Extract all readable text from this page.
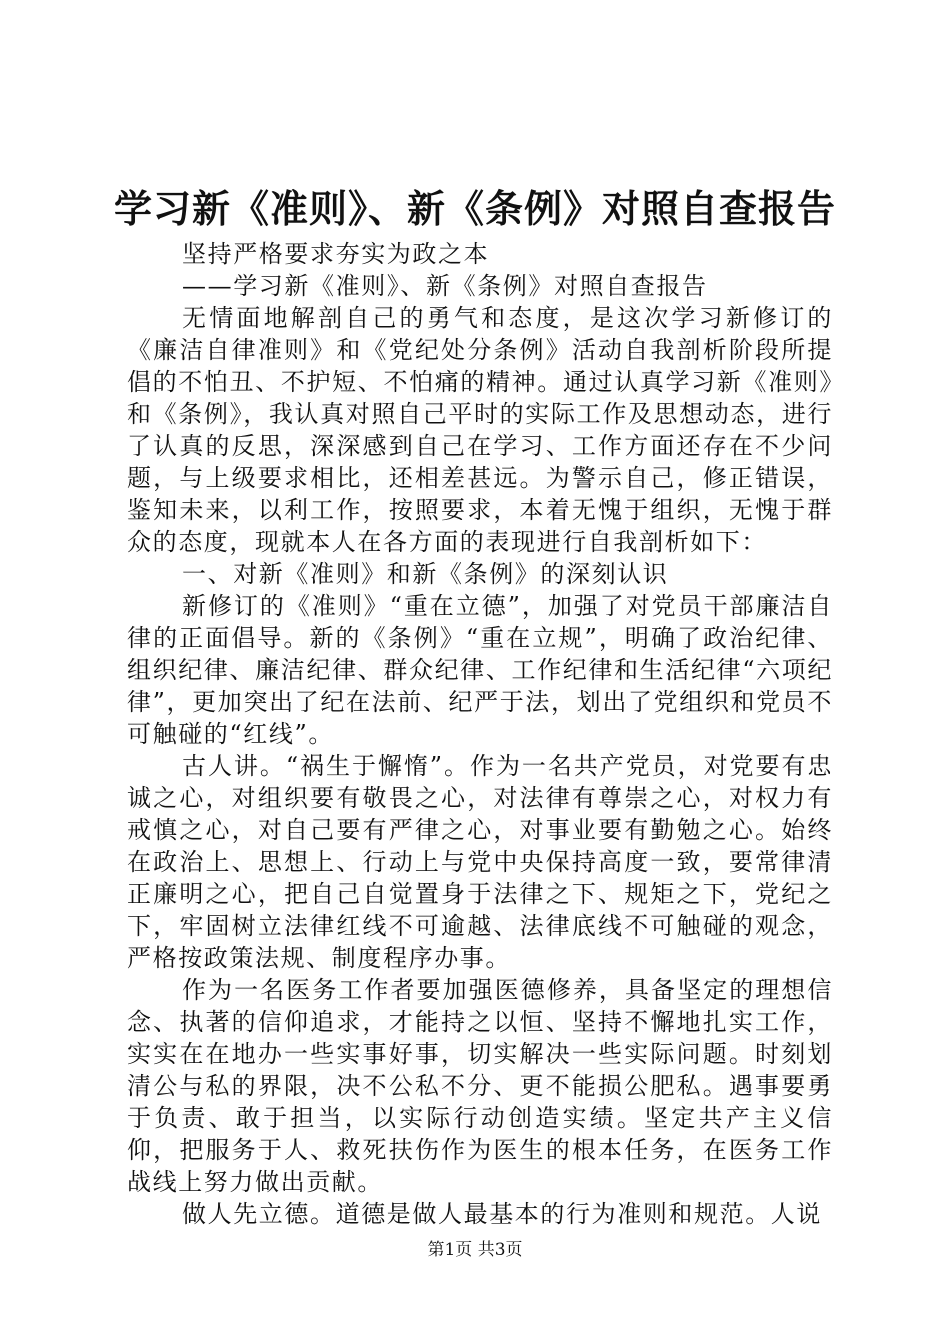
学习新《准则》、新《条例》对照自查报告

坚持严格要求夯实为政之本

——学习新《准则》、新《条例》对照自查报告

无情面地解剖自己的勇气和态度，是这次学习新修订的《廉洁自律准则》和《党纪处分条例》活动自我剖析阶段所提倡的不怕丑、不护短、不怕痛的精神。通过认真学习新《准则》和《条例》，我认真对照自己平时的实际工作及思想动态，进行了认真的反思，深深感到自己在学习、工作方面还存在不少问题，与上级要求相比，还相差甚远。为警示自己，修正错误，鉴知未来，以利工作，按照要求，本着无愧于组织，无愧于群众的态度，现就本人在各方面的表现进行自我剖析如下：

一、对新《准则》和新《条例》的深刻认识

新修订的《准则》“重在立德”，加强了对党员干部廉洁自律的正面倡导。新的《条例》“重在立规”，明确了政治纪律、组织纪律、廉洁纪律、群众纪律、工作纪律和生活纪律“六项纪律”，更加突出了纪在法前、纪严于法，划出了党组织和党员不可触碰的“红线”。

古人讲。“祸生于懈惰”。作为一名共产党员，对党要有忠诚之心，对组织要有敬畏之心，对法律有尊崇之心，对权力有戒慎之心，对自己要有严律之心，对事业要有勤勉之心。始终在政治上、思想上、行动上与党中央保持高度一致，要常律清正廉明之心，把自己自觉置身于法律之下、规矩之下，党纪之下，牢固树立法律红线不可逾越、法律底线不可触碰的观念，严格按政策法规、制度程序办事。

作为一名医务工作者要加强医德修养，具备坚定的理想信念、执著的信仰追求，才能持之以恒、坚持不懈地扎实工作，实实在在地办一些实事好事，切实解决一些实际问题。时刻划清公与私的界限，决不公私不分、更不能损公肥私。遇事要勇于负责、敢于担当，以实际行动创造实绩。坚定共产主义信仰，把服务于人、救死扶伤作为医生的根本任务，在医务工作战线上努力做出贡献。

做人先立德。道德是做人最基本的行为准则和规范。人说

第1页 共3页
